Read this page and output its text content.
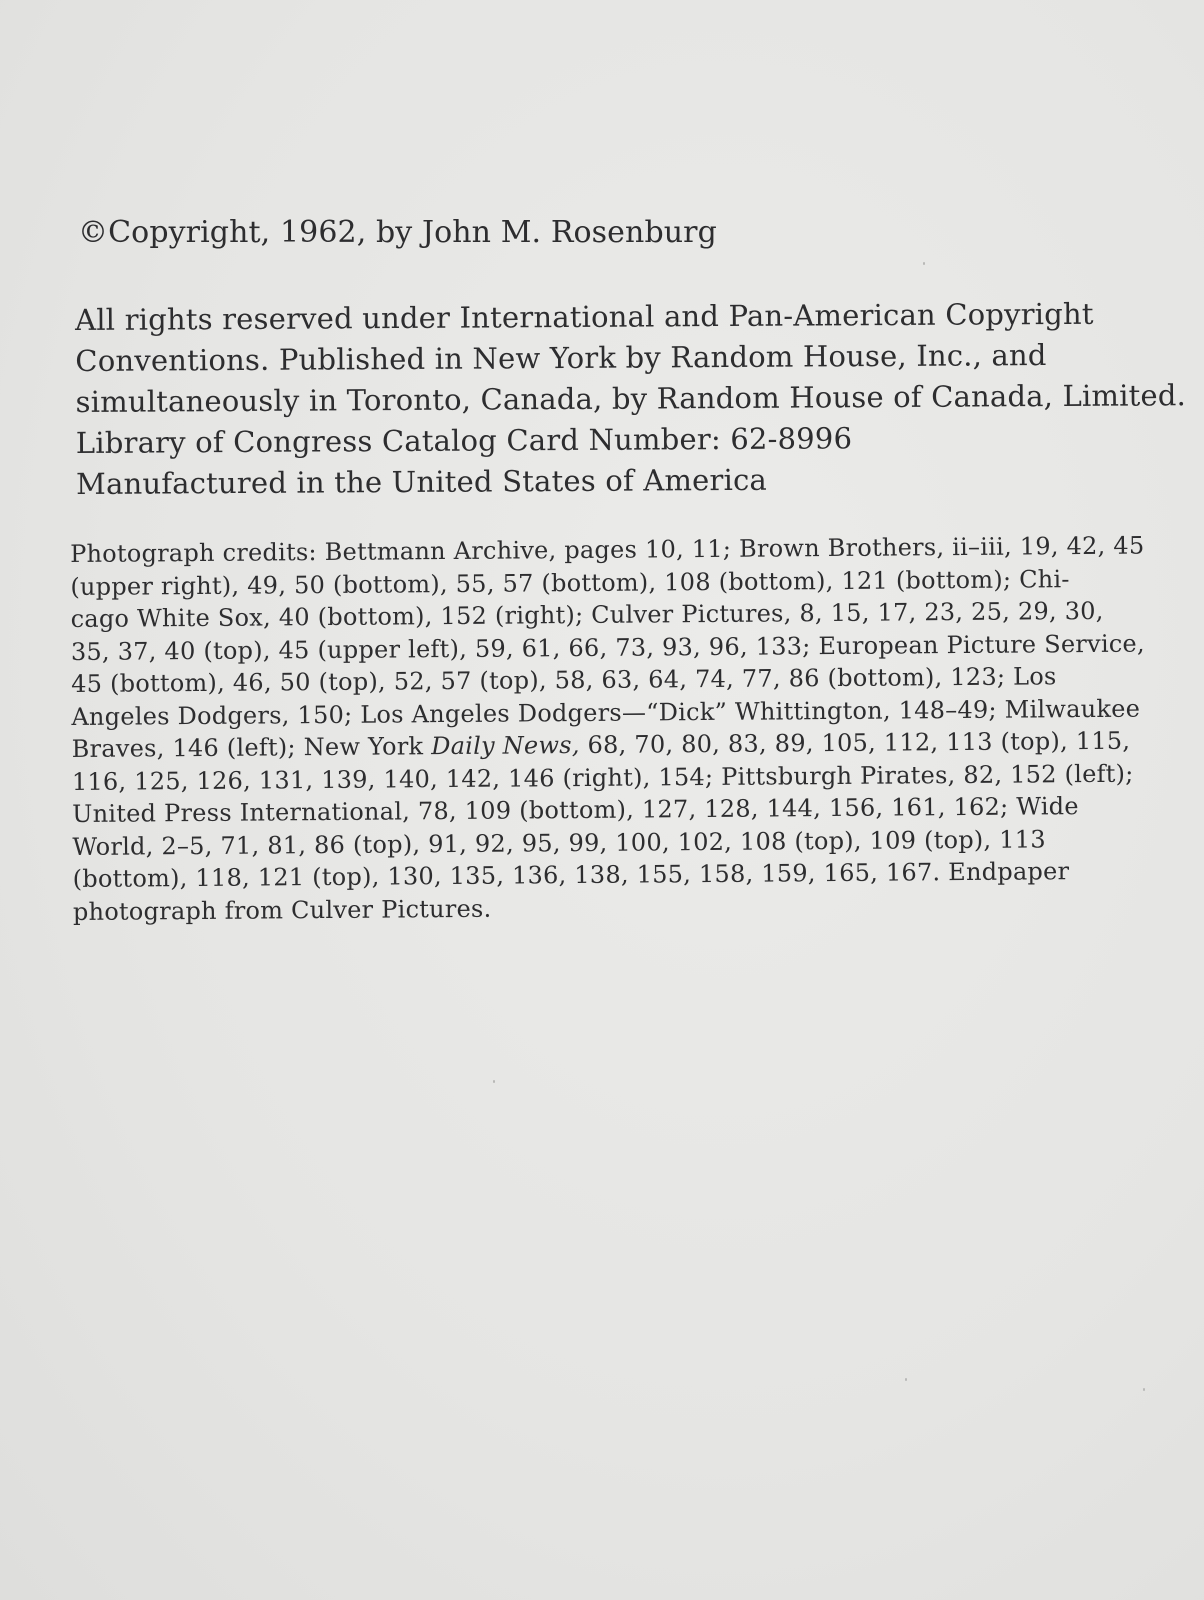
©Copyright, 1962, by John M. Rosenburg
All rights reserved under International and Pan-American Copyright
Conventions. Published in New York by Random House, Inc., and
simultaneously in Toronto, Canada, by Random House of Canada, Limited.
Library of Congress Catalog Card Number: 62-8996
Manufactured in the United States of America
Photograph credits: Bettmann Archive, pages 10, 11; Brown Brothers, ii–iii, 19, 42, 45
(upper right), 49, 50 (bottom), 55, 57 (bottom), 108 (bottom), 121 (bottom); Chi-
cago White Sox, 40 (bottom), 152 (right); Culver Pictures, 8, 15, 17, 23, 25, 29, 30,
35, 37, 40 (top), 45 (upper left), 59, 61, 66, 73, 93, 96, 133; European Picture Service,
45 (bottom), 46, 50 (top), 52, 57 (top), 58, 63, 64, 74, 77, 86 (bottom), 123; Los
Angeles Dodgers, 150; Los Angeles Dodgers—“Dick” Whittington, 148–49; Milwaukee
Braves, 146 (left); New York Daily News, 68, 70, 80, 83, 89, 105, 112, 113 (top), 115,
116, 125, 126, 131, 139, 140, 142, 146 (right), 154; Pittsburgh Pirates, 82, 152 (left);
United Press International, 78, 109 (bottom), 127, 128, 144, 156, 161, 162; Wide
World, 2–5, 71, 81, 86 (top), 91, 92, 95, 99, 100, 102, 108 (top), 109 (top), 113
(bottom), 118, 121 (top), 130, 135, 136, 138, 155, 158, 159, 165, 167. Endpaper
photograph from Culver Pictures.
